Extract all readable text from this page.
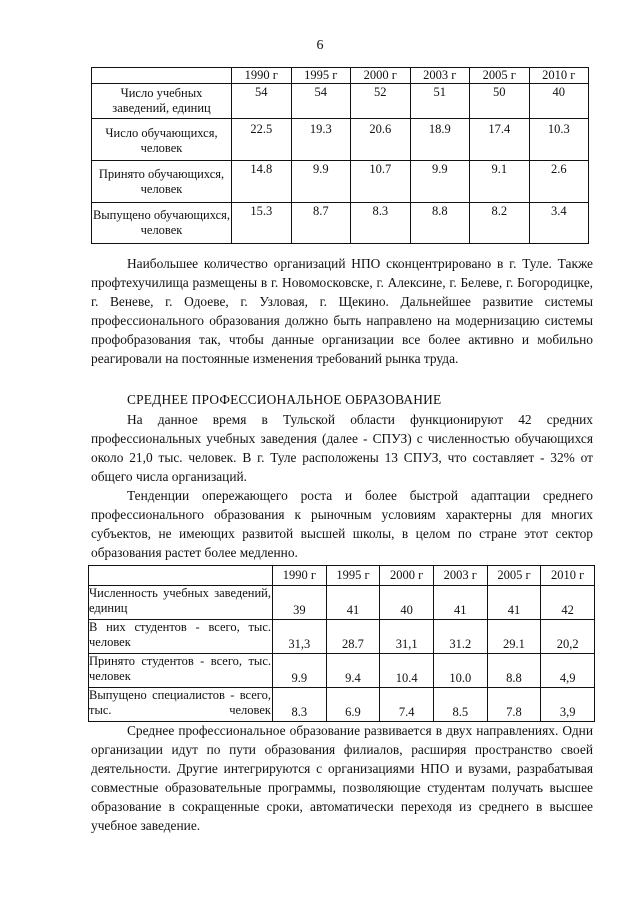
6
	1990 г	1995 г	2000 г	2003 г	2005 г	2010 г
Число учебных заведений, единиц	54	54	52	51	50	40
Число обучающихся, человек	22.5	19.3	20.6	18.9	17.4	10.3
Принято обучающихся, человек	14.8	9.9	10.7	9.9	9.1	2.6
Выпущено обучающихся, человек	15.3	8.7	8.3	8.8	8.2	3.4

Наибольшее количество организаций НПО сконцентрировано в г. Туле. Также профтехучилища размещены в г. Новомосковске, г. Алексине, г. Белеве, г. Богородицке, г. Веневе, г. Одоеве, г. Узловая, г. Щекино. Дальнейшее развитие системы профессионального образования должно быть направлено на модернизацию системы профобразования так, чтобы данные организации все более активно и мобильно реагировали на постоянные изменения требований рынка труда.

СРЕДНЕЕ ПРОФЕССИОНАЛЬНОЕ ОБРАЗОВАНИЕ

На данное время в Тульской области функционируют 42 средних профессиональных учебных заведения (далее - СПУЗ) с численностью обучающихся около 21,0 тыс. человек. В г. Туле расположены 13 СПУЗ, что составляет - 32% от общего числа организаций.

Тенденции опережающего роста и более быстрой адаптации среднего профессионального образования к рыночным условиям характерны для многих субъектов, не имеющих развитой высшей школы, в целом по стране этот сектор образования растет более медленно.

	1990 г	1995 г	2000 г	2003 г	2005 г	2010 г
Численность учебных заведений, единиц	39	41	40	41	41	42
В них студентов - всего, тыс. человек	31,3	28.7	31,1	31.2	29.1	20,2
Принято студентов - всего, тыс. человек	9.9	9.4	10.4	10.0	8.8	4,9
Выпущено специалистов - всего, тыс. человек	8.3	6.9	7.4	8.5	7.8	3,9

Среднее профессиональное образование развивается в двух направлениях. Одни организации идут по пути образования филиалов, расширяя пространство своей деятельности. Другие интегрируются с организациями НПО и вузами, разрабатывая совместные образовательные программы, позволяющие студентам получать высшее образование в сокращенные сроки, автоматически переходя из среднего в высшее учебное заведение.
